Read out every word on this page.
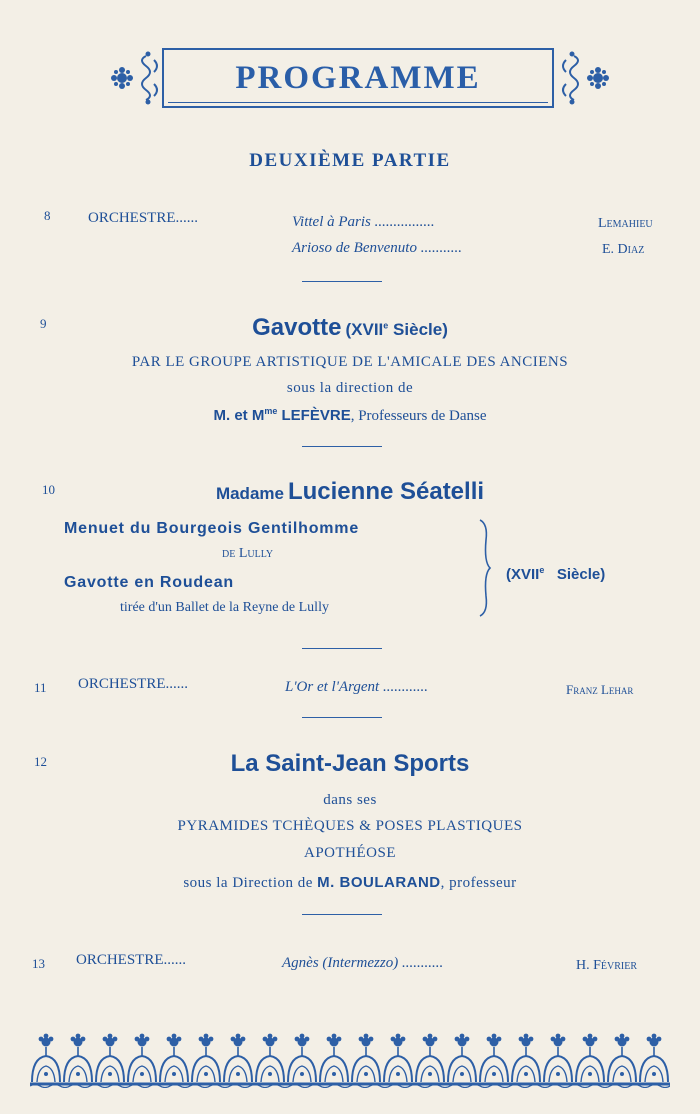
PROGRAMME
DEUXIÈME PARTIE
8	ORCHESTRE......	Vittel à Paris ................	Lemahieu
Arioso de Benvenuto ...........	E. Diaz
9	Gavotte (XVIIe Siècle)
PAR LE GROUPE ARTISTIQUE DE L'AMICALE DES ANCIENS
sous la direction de
M. et $M^{me}$ LEFÈVRE, Professeurs de Danse
10	Madame Lucienne Séatelli
Menuet du Bourgeois Gentilhomme
de Lully
Gavotte en Roudean
tirée d'un Ballet de la Reyne de Lully
(XVIIe Siècle)
11 ORCHESTRE......	L'Or et l'Argent ............	Franz Lehar
12	La Saint-Jean Sports
dans ses
PYRAMIDES TCHÈQUES & POSES PLASTIQUES
APOTHÉOSE
sous la Direction de M. BOULARAND, professeur
13 ORCHESTRE......	Agnès (Intermezzo) ...........	H. Février
